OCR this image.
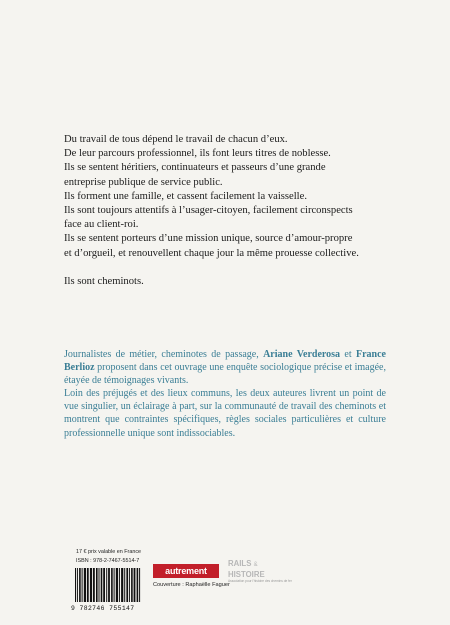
Du travail de tous dépend le travail de chacun d’eux.
De leur parcours professionnel, ils font leurs titres de noblesse.
Ils se sentent héritiers, continuateurs et passeurs d’une grande
entreprise publique de service public.
Ils forment une famille, et cassent facilement la vaisselle.
Ils sont toujours attentifs à l’usager-citoyen, facilement circonspects
face au client-roi.
Ils se sentent porteurs d’une mission unique, source d’amour-propre
et d’orgueil, et renouvellent chaque jour la même prouesse collective.
Ils sont cheminots.

Journalistes de métier, cheminotes de passage, Ariane Verderosa et France Berlioz proposent dans cet ouvrage une enquête sociologique précise et imagée, étayée de témoignages vivants.

Loin des préjugés et des lieux communs, les deux auteures livrent un point de vue singulier, un éclairage à part, sur la communauté de travail des cheminots et montrent que contraintes spécifiques, règles sociales particulières et culture professionnelle unique sont indissociables.

17 € prix valable en France
ISBN : 978-2-7467-5514-7
9 782746 755147
autrement
RAILS &
HISTOIRE
Association pour l'histoire des chemins de fer
Couverture : Raphaëlle Faguer
